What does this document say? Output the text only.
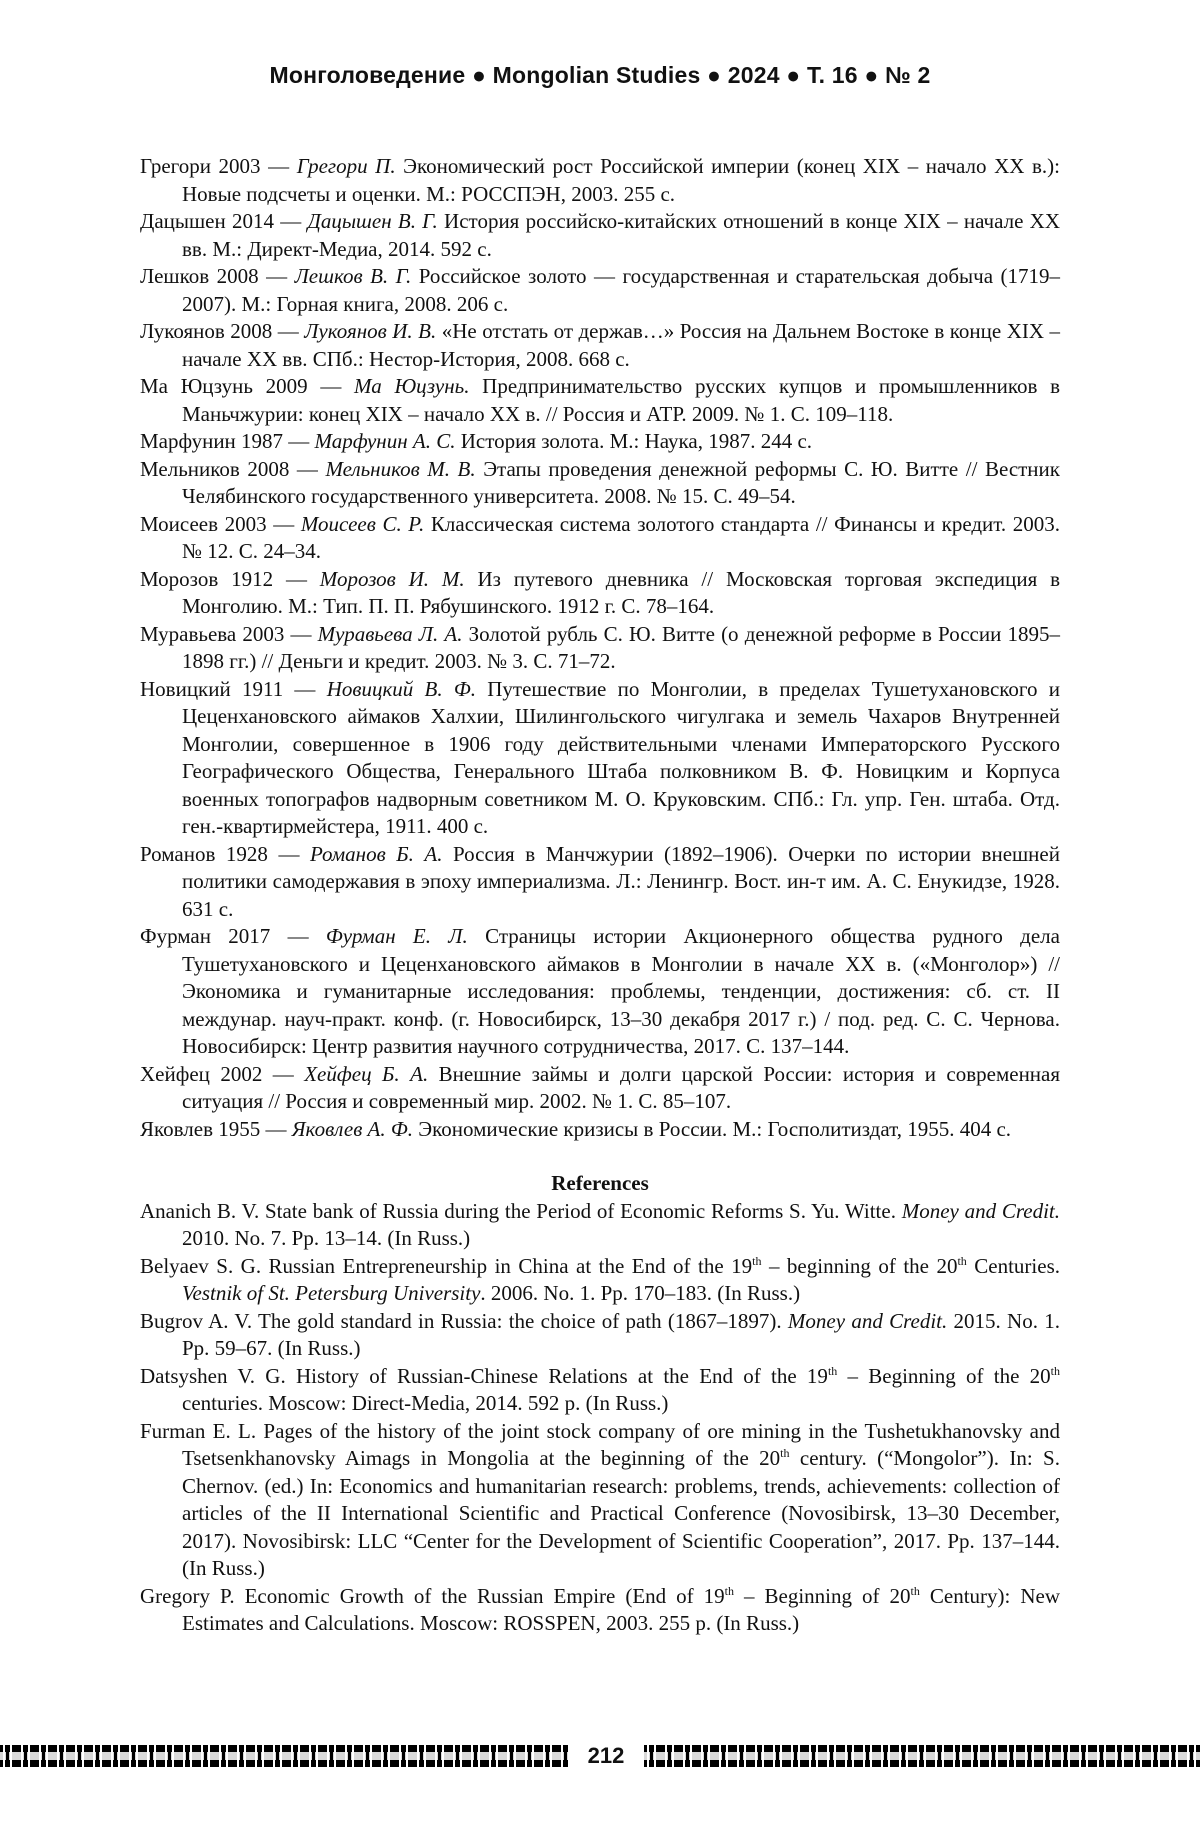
Монголоведение ● Mongolian Studies ● 2024 ● Т. 16 ● № 2
Грегори 2003 — Грегори П. Экономический рост Российской империи (конец XIX – начало XX в.): Новые подсчеты и оценки. М.: РОССПЭН, 2003. 255 с.
Дацышен 2014 — Дацышен В. Г. История российско-китайских отношений в конце XIX – начале XX вв. М.: Директ-Медиа, 2014. 592 с.
Лешков 2008 — Лешков В. Г. Российское золото — государственная и старательская добыча (1719–2007). М.: Горная книга, 2008. 206 с.
Лукоянов 2008 — Лукоянов И. В. «Не отстать от держав…» Россия на Дальнем Востоке в конце XIX – начале XX вв. СПб.: Нестор-История, 2008. 668 с.
Ма Юцзунь 2009 — Ма Юцзунь. Предпринимательство русских купцов и промышленников в Маньчжурии: конец XIX – начало XX в. // Россия и АТР. 2009. № 1. С. 109–118.
Марфунин 1987 — Марфунин А. С. История золота. М.: Наука, 1987. 244 с.
Мельников 2008 — Мельников М. В. Этапы проведения денежной реформы С. Ю. Витте // Вестник Челябинского государственного университета. 2008. № 15. С. 49–54.
Моисеев 2003 — Моисеев С. Р. Классическая система золотого стандарта // Финансы и кредит. 2003. № 12. С. 24–34.
Морозов 1912 — Морозов И. М. Из путевого дневника // Московская торговая экспедиция в Монголию. М.: Тип. П. П. Рябушинского. 1912 г. С. 78–164.
Муравьева 2003 — Муравьева Л. А. Золотой рубль С. Ю. Витте (о денежной реформе в России 1895–1898 гг.) // Деньги и кредит. 2003. № 3. С. 71–72.
Новицкий 1911 — Новицкий В. Ф. Путешествие по Монголии, в пределах Тушетухановского и Цеценхановского аймаков Халхии, Шилингольского чигулгака и земель Чахаров Внутренней Монголии, совершенное в 1906 году действительными членами Императорского Русского Географического Общества, Генерального Штаба полковником В. Ф. Новицким и Корпуса военных топографов надворным советником М. О. Круковским. СПб.: Гл. упр. Ген. штаба. Отд. ген.-квартирмейстера, 1911. 400 с.
Романов 1928 — Романов Б. А. Россия в Манчжурии (1892–1906). Очерки по истории внешней политики самодержавия в эпоху империализма. Л.: Ленингр. Вост. ин-т им. А. С. Енукидзе, 1928. 631 с.
Фурман 2017 — Фурман Е. Л. Страницы истории Акционерного общества рудного дела Тушетухановского и Цеценхановского аймаков в Монголии в начале XX в. («Монголор») // Экономика и гуманитарные исследования: проблемы, тенденции, достижения: сб. ст. II междунар. науч-практ. конф. (г. Новосибирск, 13–30 декабря 2017 г.) / под. ред. С. С. Чернова. Новосибирск: Центр развития научного сотрудничества, 2017. С. 137–144.
Хейфец 2002 — Хейфец Б. А. Внешние займы и долги царской России: история и современная ситуация // Россия и современный мир. 2002. № 1. С. 85–107.
Яковлев 1955 — Яковлев А. Ф. Экономические кризисы в России. М.: Госполитиздат, 1955. 404 с.
References
Ananich B. V. State bank of Russia during the Period of Economic Reforms S. Yu. Witte. Money and Credit. 2010. No. 7. Pp. 13–14. (In Russ.)
Belyaev S. G. Russian Entrepreneurship in China at the End of the 19th – beginning of the 20th Centuries. Vestnik of St. Petersburg University. 2006. No. 1. Pp. 170–183. (In Russ.)
Bugrov A. V. The gold standard in Russia: the choice of path (1867–1897). Money and Credit. 2015. No. 1. Pp. 59–67. (In Russ.)
Datsyshen V. G. History of Russian-Chinese Relations at the End of the 19th – Beginning of the 20th centuries. Moscow: Direct-Media, 2014. 592 p. (In Russ.)
Furman E. L. Pages of the history of the joint stock company of ore mining in the Tushetukhanovsky and Tsetsenkhanovsky Aimags in Mongolia at the beginning of the 20th century. (“Mongolor”). In: S. Chernov. (ed.) In: Economics and humanitarian research: problems, trends, achievements: collection of articles of the II International Scientific and Practical Conference (Novosibirsk, 13–30 December, 2017). Novosibirsk: LLC “Center for the Development of Scientific Cooperation”, 2017. Pp. 137–144. (In Russ.)
Gregory P. Economic Growth of the Russian Empire (End of 19th – Beginning of 20th Century): New Estimates and Calculations. Moscow: ROSSPEN, 2003. 255 p. (In Russ.)
212
